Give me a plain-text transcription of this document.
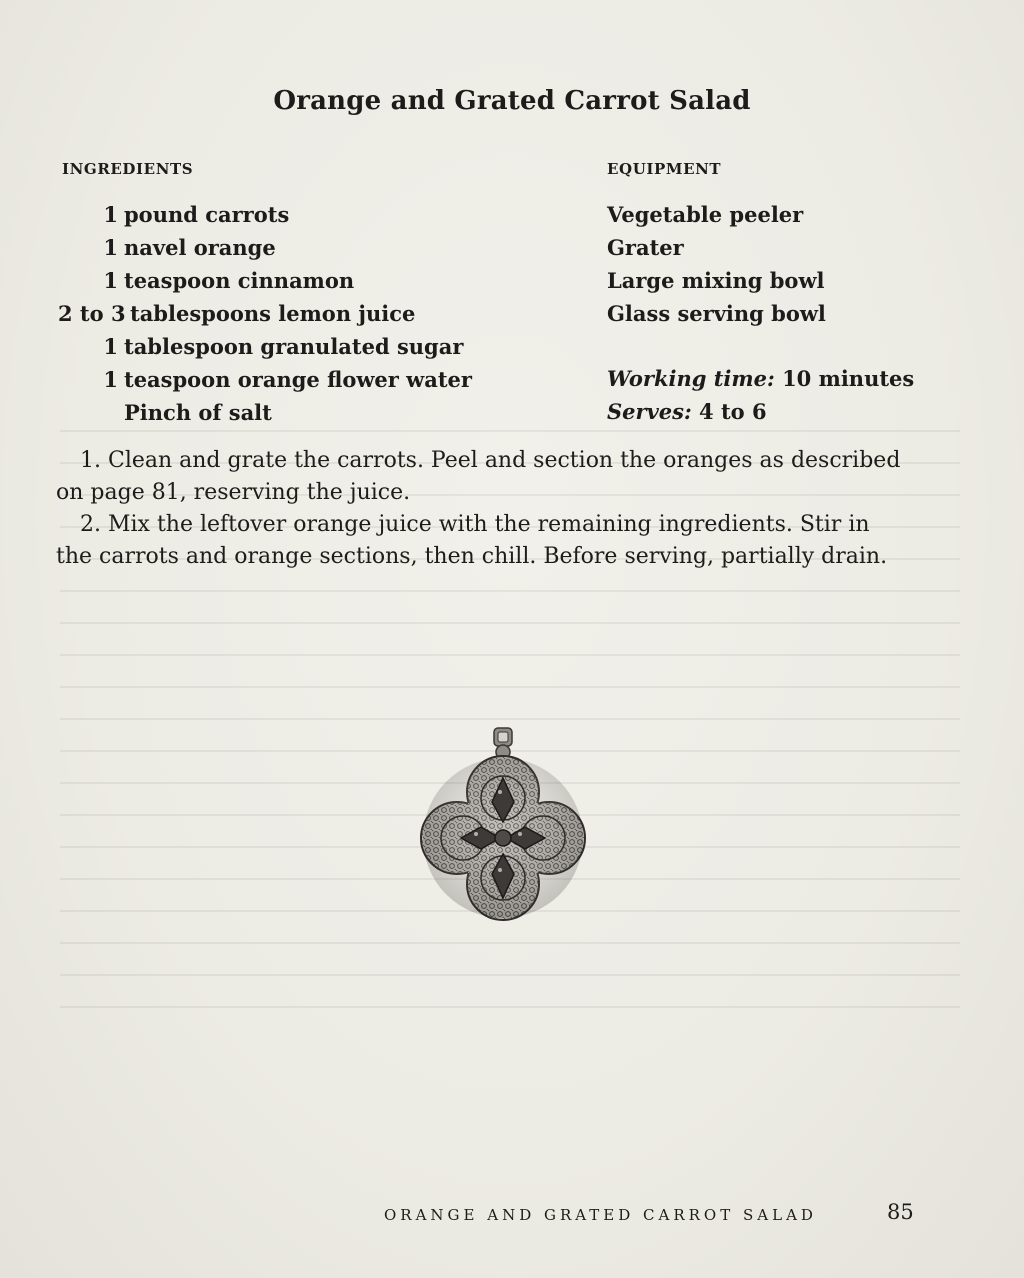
Orange and Grated Carrot Salad
INGREDIENTS	EQUIPMENT
1 pound carrots
1 navel orange
1 teaspoon cinnamon
2 to 3 tablespoons lemon juice
1 tablespoon granulated sugar
1 teaspoon orange flower water
Pinch of salt
Vegetable peeler
Grater
Large mixing bowl
Glass serving bowl
Working time: 10 minutes
Serves: 4 to 6

1. Clean and grate the carrots. Peel and section the oranges as described on page 81, reserving the juice.

2. Mix the leftover orange juice with the remaining ingredients. Stir in the carrots and orange sections, then chill. Before serving, partially drain.

ORANGE AND GRATED CARROT SALAD	85
